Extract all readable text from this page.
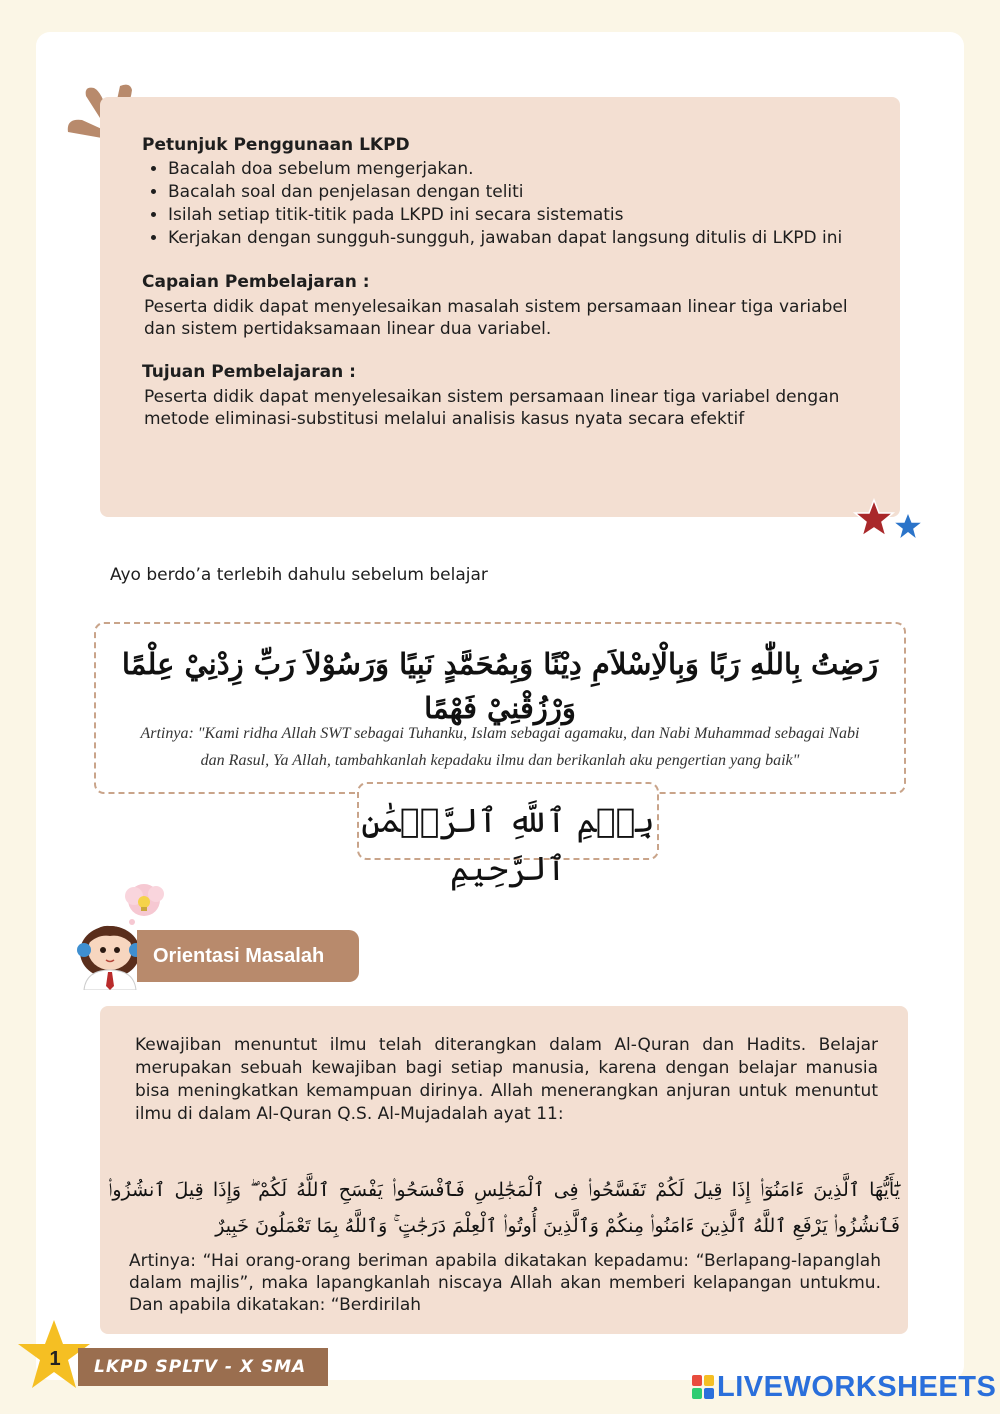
Petunjuk Penggunaan LKPD
• Bacalah doa sebelum mengerjakan.
• Bacalah soal dan penjelasan dengan teliti
• Isilah setiap titik-titik pada LKPD ini secara sistematis
• Kerjakan dengan sungguh-sungguh, jawaban dapat langsung ditulis di LKPD ini
Capaian Pembelajaran :

Peserta didik dapat menyelesaikan masalah sistem persamaan linear tiga variabel dan sistem pertidaksamaan linear dua variabel.

Tujuan Pembelajaran :

Peserta didik dapat menyelesaikan sistem persamaan linear tiga variabel dengan metode eliminasi-substitusi melalui analisis kasus nyata secara efektif

Ayo berdo’a terlebih dahulu sebelum belajar
رَضِتُ بِاللّٰهِ رَبًا وَبِالْاِسْلاَمِ دِيْنًا وَبِمُحَمَّدٍ نَبِيًا وَرَسُوْلاَ رَبِّ زِدْنِيْ عِلْمًا وَرْزُقْنِيْ فَهْمًا
Artinya: "Kami ridha Allah SWT sebagai Tuhanku, Islam sebagai agamaku, dan Nabi Muhammad sebagai Nabi dan Rasul, Ya Allah, tambahkanlah kepadaku ilmu dan berikanlah aku pengertian yang baik"
بِسۡمِ ٱللَّهِ ٱلرَّحۡمَٰنِ ٱلرَّحِيمِ
Orientasi Masalah

Kewajiban menuntut ilmu telah diterangkan dalam Al-Quran dan Hadits. Belajar merupakan sebuah kewajiban bagi setiap manusia, karena dengan belajar manusia bisa meningkatkan kemampuan dirinya. Allah menerangkan anjuran untuk menuntut ilmu di dalam Al-Quran Q.S. Al-Mujadalah ayat 11:

يَٰٓأَيُّهَا ٱلَّذِينَ ءَامَنُوٓا۟ إِذَا قِيلَ لَكُمْ تَفَسَّحُوا۟ فِى ٱلْمَجَٰلِسِ فَٱفْسَحُوا۟ يَفْسَحِ ٱللَّهُ لَكُمْ ۖ وَإِذَا قِيلَ ٱنشُزُوا۟ فَٱنشُزُوا۟ يَرْفَعِ ٱللَّهُ ٱلَّذِينَ ءَامَنُوا۟ مِنكُمْ وَٱلَّذِينَ أُوتُوا۟ ٱلْعِلْمَ دَرَجَٰتٍ ۚ وَٱللَّهُ بِمَا تَعْمَلُونَ خَبِيرٌ

Artinya: “Hai orang-orang beriman apabila dikatakan kepadamu: “Berlapang-lapanglah dalam majlis”, maka lapangkanlah niscaya Allah akan memberi kelapangan untukmu. Dan apabila dikatakan: “Berdirilah

1	LKPD SPLTV - X SMA
LIVEWORKSHEETS
